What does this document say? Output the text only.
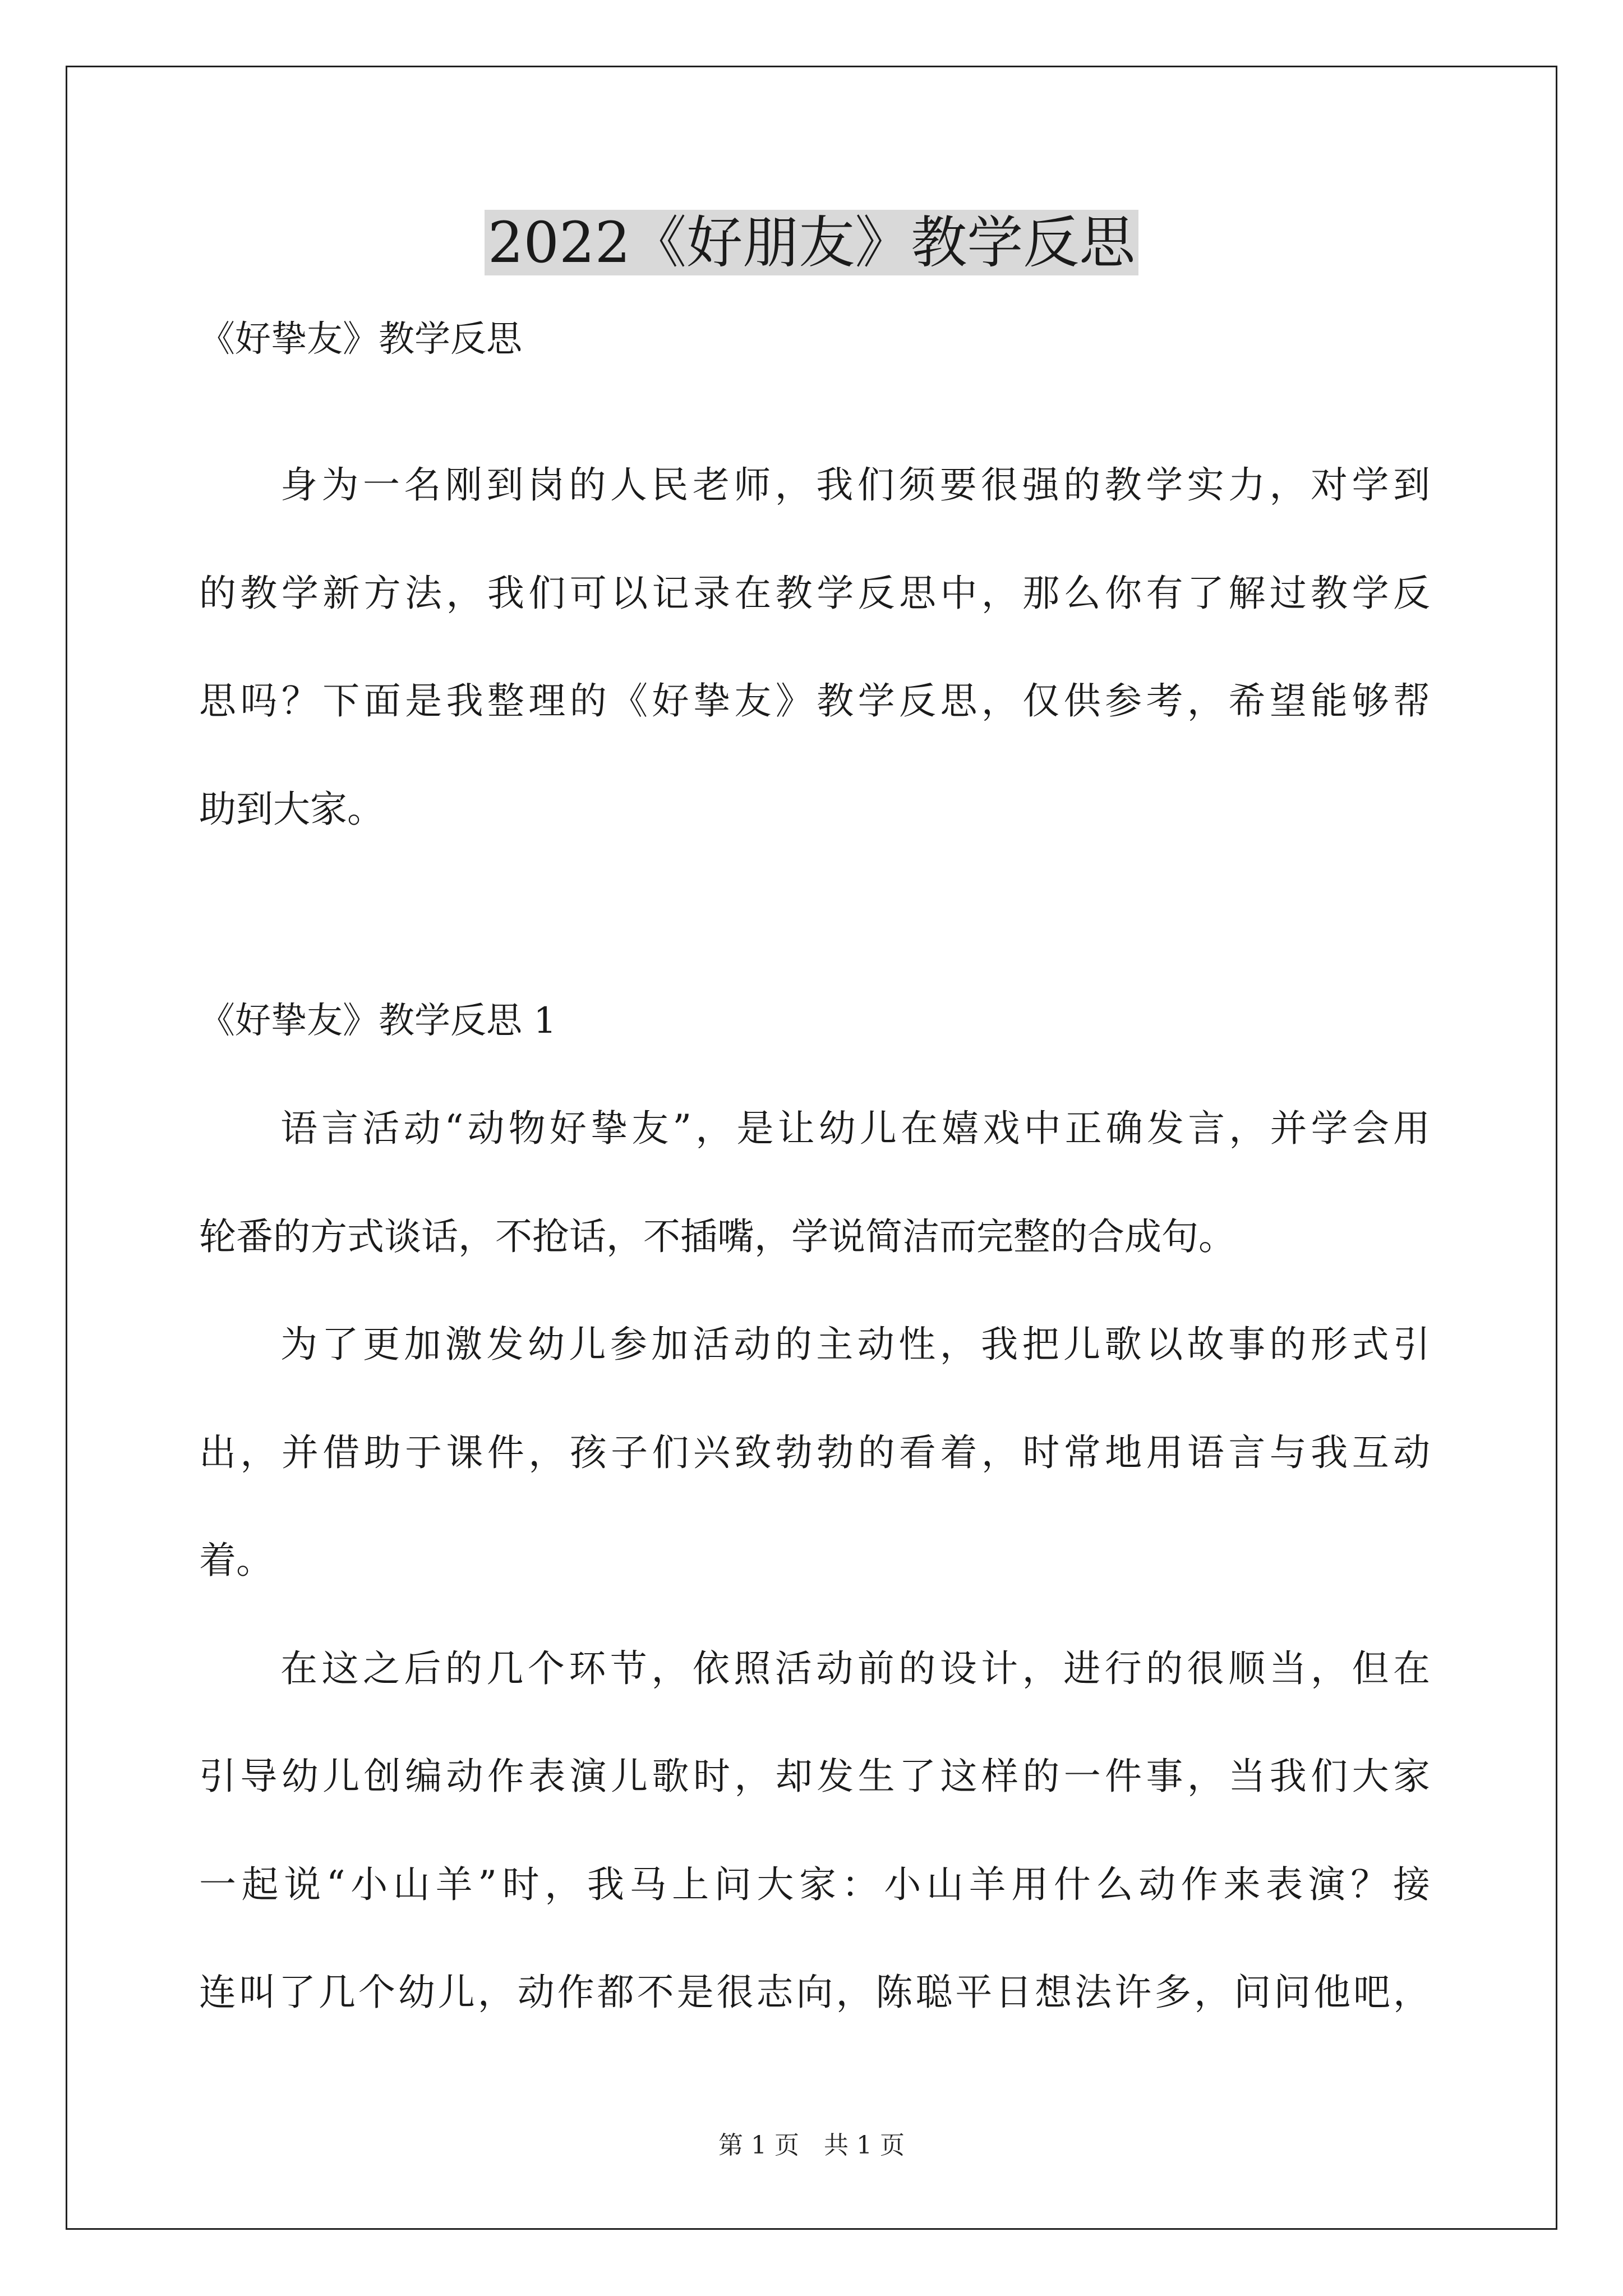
2022《好朋友》教学反思
《好挚友》教学反思
身为一名刚到岗的人民老师，我们须要很强的教学实力，对学到
的教学新方法，我们可以记录在教学反思中，那么你有了解过教学反
思吗？下面是我整理的《好挚友》教学反思，仅供参考，希望能够帮
助到大家。
《好挚友》教学反思 1
语言活动“动物好挚友”，是让幼儿在嬉戏中正确发言，并学会用
轮番的方式谈话，不抢话，不插嘴，学说简洁而完整的合成句。
为了更加激发幼儿参加活动的主动性，我把儿歌以故事的形式引
出，并借助于课件，孩子们兴致勃勃的看着，时常地用语言与我互动
着。
在这之后的几个环节，依照活动前的设计，进行的很顺当，但在
引导幼儿创编动作表演儿歌时，却发生了这样的一件事，当我们大家
一起说“小山羊”时，我马上问大家：小山羊用什么动作来表演？接
连叫了几个幼儿，动作都不是很志向，陈聪平日想法许多，问问他吧，
第 1 页　共 1 页
